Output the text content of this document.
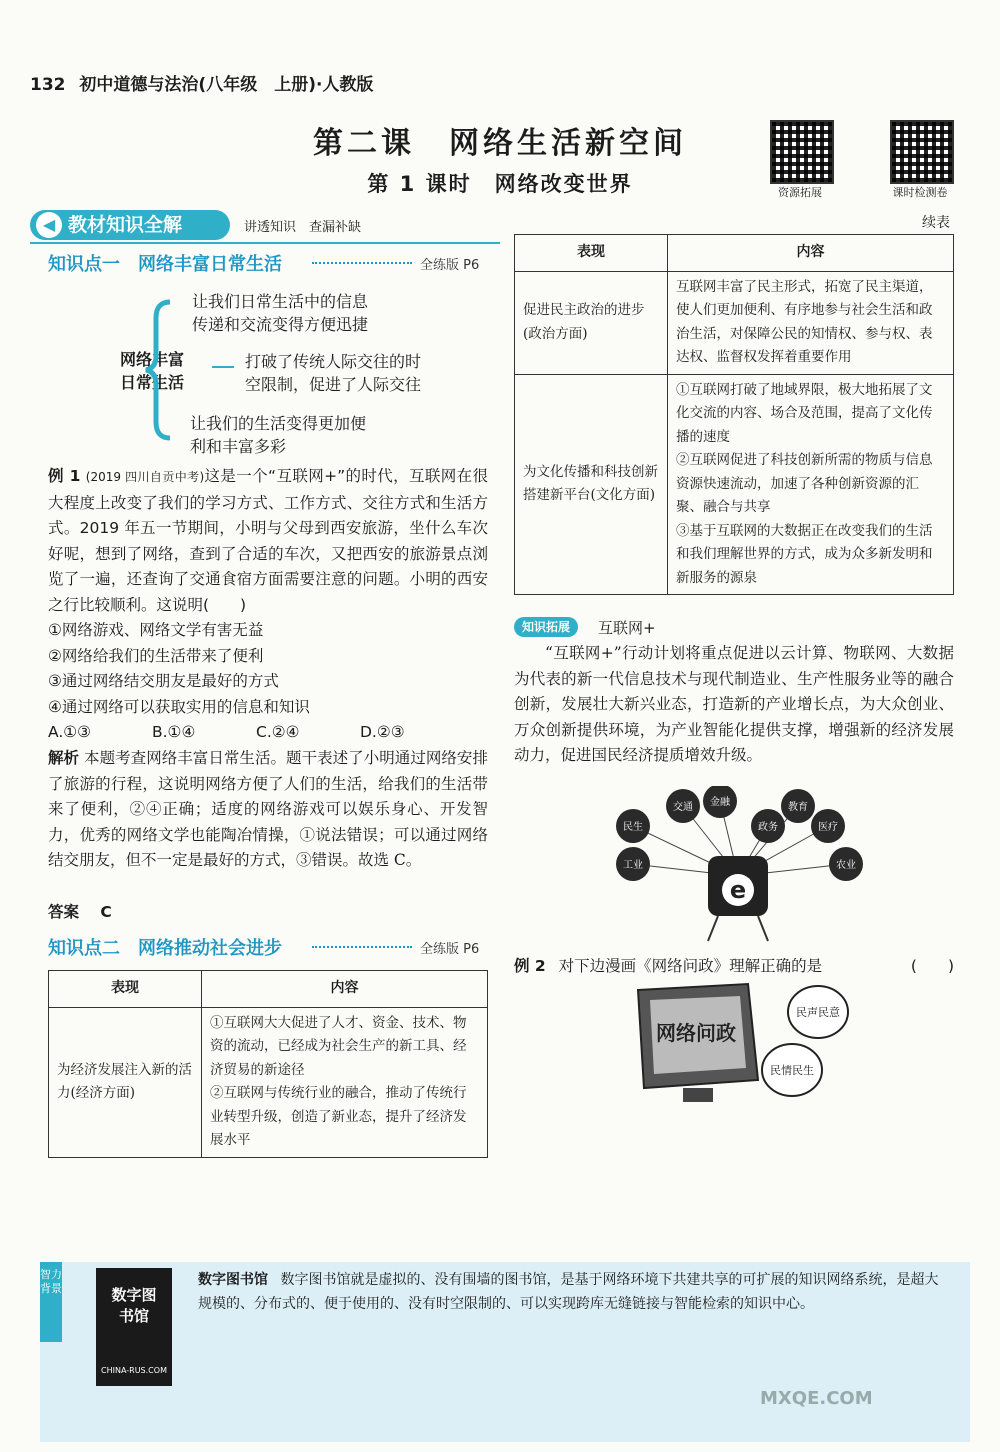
132 初中道德与法治(八年级　上册)·人教版
第二课　网络生活新空间
第 1 课时　网络改变世界	资源拓展	课时检测卷
教材知识全解
◀	讲透知识　查漏补缺
知识点一　网络丰富日常生活	全练版 P6
网络丰富日常生活
让我们日常生活中的信息传递和交流变得方便迅捷
打破了传统人际交往的时空限制，促进了人际交往
让我们的生活变得更加便利和丰富多彩
例 1 (2019 四川自贡中考)这是一个“互联网+”的时代，互联网在很大程度上改变了我们的学习方式、工作方式、交往方式和生活方式。2019 年五一节期间，小明与父母到西安旅游，坐什么车次好呢，想到了网络，查到了合适的车次，又把西安的旅游景点浏览了一遍，还查询了交通食宿方面需要注意的问题。小明的西安之行比较顺利。这说明(　　)
①网络游戏、网络文学有害无益
②网络给我们的生活带来了便利
③通过网络结交朋友是最好的方式
④通过网络可以获取实用的信息和知识
A.①③	B.①④	C.②④	D.②③
解析 本题考查网络丰富日常生活。题干表述了小明通过网络安排了旅游的行程，这说明网络方便了人们的生活，给我们的生活带来了便利，②④正确；适度的网络游戏可以娱乐身心、开发智力，优秀的网络文学也能陶冶情操，①说法错误；可以通过网络结交朋友，但不一定是最好的方式，③错误。故选 C。
答案 C
知识点二　网络推动社会进步	全练版 P6
表现	内容
为经济发展注入新的活力(经济方面)	①互联网大大促进了人才、资金、技术、物资的流动，已经成为社会生产的新工具、经济贸易的新途径
②互联网与传统行业的融合，推动了传统行业转型升级，创造了新业态，提升了经济发展水平
续表
表现	内容
促进民主政治的进步(政治方面)	互联网丰富了民主形式，拓宽了民主渠道，使人们更加便利、有序地参与社会生活和政治生活，对保障公民的知情权、参与权、表达权、监督权发挥着重要作用
为文化传播和科技创新搭建新平台(文化方面)	①互联网打破了地域界限，极大地拓展了文化交流的内容、场合及范围，提高了文化传播的速度
②互联网促进了科技创新所需的物质与信息资源快速流动，加速了各种创新资源的汇聚、融合与共享
③基于互联网的大数据正在改变我们的生活和我们理解世界的方式，成为众多新发明和新服务的源泉
知识拓展	互联网+
“互联网+”行动计划将重点促进以云计算、物联网、大数据为代表的新一代信息技术与现代制造业、生产性服务业等的融合创新，发展壮大新兴业态，打造新的产业增长点，为大众创业、万众创新提供环境，为产业智能化提供支撑，增强新的经济发展动力，促进国民经济提质增效升级。
交通 金融
政务
教育
民生	医疗
工业	农业
e
例 2 对下边漫画《网络问政》理解正确的是	(　　)
网络问政
民声民意
民情民生
智力背景	数字图书馆
CHINA-RUS.COM
数字图书馆 数字图书馆就是虚拟的、没有围墙的图书馆，是基于网络环境下共建共享的可扩展的知识网络系统，是超大规模的、分布式的、便于使用的、没有时空限制的、可以实现跨库无缝链接与智能检索的知识中心。
MXQE.COM
